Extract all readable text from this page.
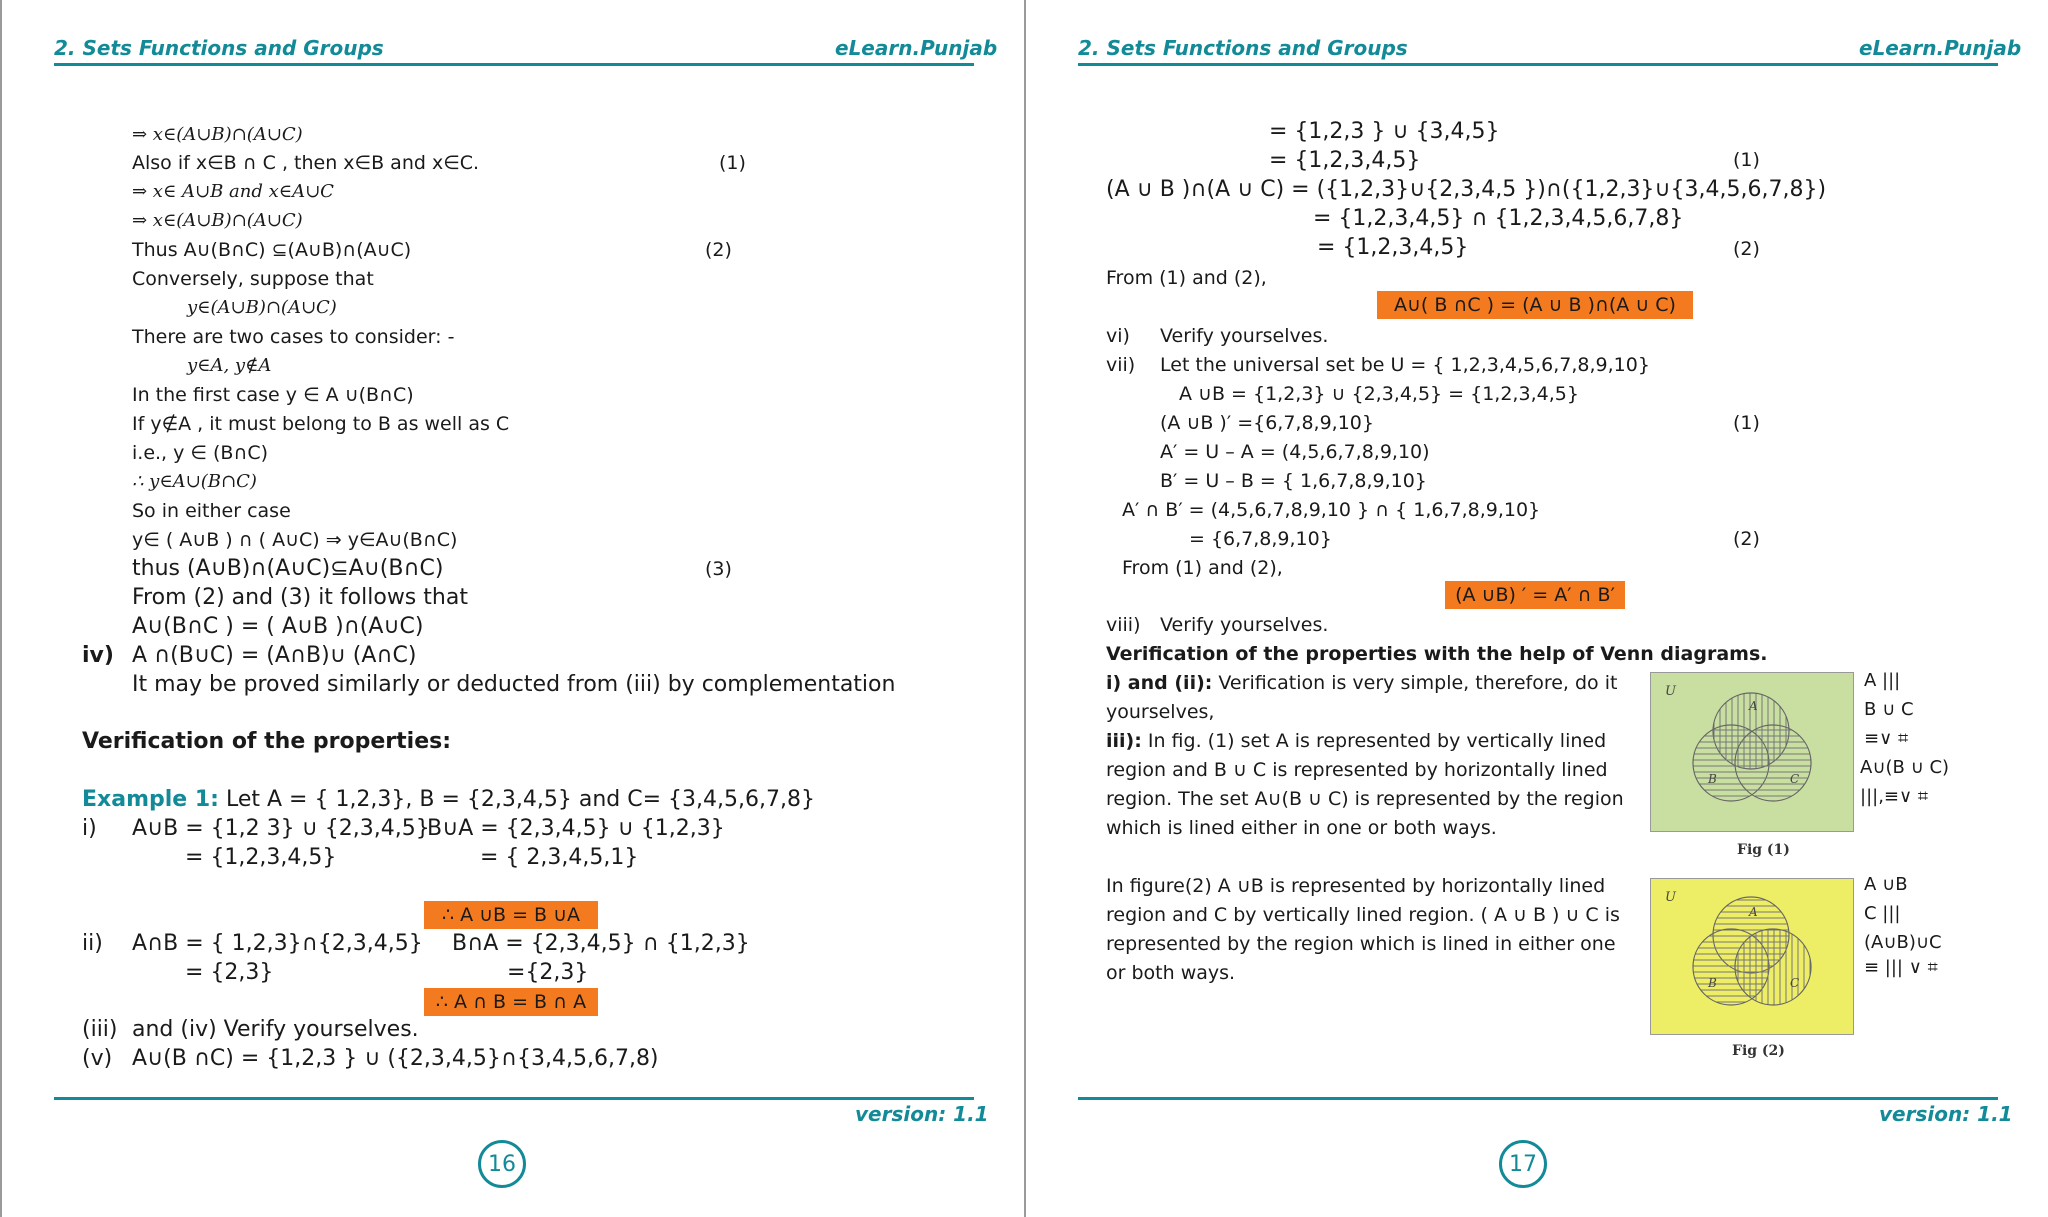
2. Sets Functions and Groups	eLearn.Punjab
⇒ x∈(A∪B)∩(A∪C)
Also if x∈B ∩ C , then x∈B and x∈C.	(1)
⇒ x∈ A∪B and x∈A∪C
⇒ x∈(A∪B)∩(A∪C)
Thus A∪(B∩C) ⊆(A∪B)∩(A∪C)	(2)
Conversely, suppose that
y∈(A∪B)∩(A∪C)
There are two cases to consider: -
y∈A, y∉A
In the first case y ∈ A ∪(B∩C)
If y∉A , it must belong to B as well as C
i.e., y ∈ (B∩C)
∴ y∈A∪(B∩C)
So in either case
y∈ ( A∪B ) ∩ ( A∪C) ⇒ y∈A∪(B∩C)
thus (A∪B)∩(A∪C)⊆A∪(B∩C)	(3)
From (2) and (3) it follows that
A∪(B∩C ) = ( A∪B )∩(A∪C)
iv) A ∩(B∪C) = (A∩B)∪ (A∩C)
It may be proved similarly or deducted from (iii) by complementation
Verification of the properties:
Example 1: Let A = { 1,2,3}, B = {2,3,4,5} and C= {3,4,5,6,7,8}
i) A∪B = {1,2 3} ∪ {2,3,4,5}
B∪A = {2,3,4,5} ∪ {1,2,3}
= {1,2,3,4,5}	= { 2,3,4,5,1}
∴ A ∪B = B ∪A
ii) A∩B = { 1,2,3}∩{2,3,4,5} B∩A = {2,3,4,5} ∩ {1,2,3}
= {2,3}	={2,3}
∴ A ∩ B = B ∩ A
(iii) and (iv) Verify yourselves.
(v) A∪(B ∩C) = {1,2,3 } ∪ ({2,3,4,5}∩{3,4,5,6,7,8)
version: 1.1
16
2. Sets Functions and Groups	eLearn.Punjab
= {1,2,3 } ∪ {3,4,5}
= {1,2,3,4,5}	(1)
(A ∪ B )∩(A ∪ C) = ({1,2,3}∪{2,3,4,5 })∩({1,2,3}∪{3,4,5,6,7,8})
= {1,2,3,4,5} ∩ {1,2,3,4,5,6,7,8}
= {1,2,3,4,5}	(2)
From (1) and (2),
A∪( B ∩C ) = (A ∪ B )∩(A ∪ C)
vi) Verify yourselves.
vii) Let the universal set be U = { 1,2,3,4,5,6,7,8,9,10}
A ∪B = {1,2,3} ∪ {2,3,4,5} = {1,2,3,4,5}
(A ∪B )′ ={6,7,8,9,10}	(1)
A′ = U – A = (4,5,6,7,8,9,10)
B′ = U – B = { 1,6,7,8,9,10}
A′ ∩ B′ = (4,5,6,7,8,9,10 } ∩ { 1,6,7,8,9,10}
= {6,7,8,9,10}	(2)
From (1) and (2),
(A ∪B) ′ = A′ ∩ B′
viii) Verify yourselves.
Verification of the properties with the help of Venn diagrams.
i) and (ii): Verification is very simple, therefore, do it
yourselves,
iii): In fig. (1) set A is represented by vertically lined
region and B ∪ C is represented by horizontally lined
region. The set A∪(B ∪ C) is represented by the region
which is lined either in one or both ways.
In figure(2) A ∪B is represented by horizontally lined
region and C by vertically lined region. ( A ∪ B ) ∪ C is
represented by the region which is lined in either one
or both ways.
U
A
B	C
Fig (1)
A |||
B ∪ C
≡∨ ⌗
A∪(B ∪ C)
|||,≡∨ ⌗
U
A
B	C
Fig (2)
A ∪B
C |||
(A∪B)∪C
≡ ||| ∨ ⌗
version: 1.1
17
